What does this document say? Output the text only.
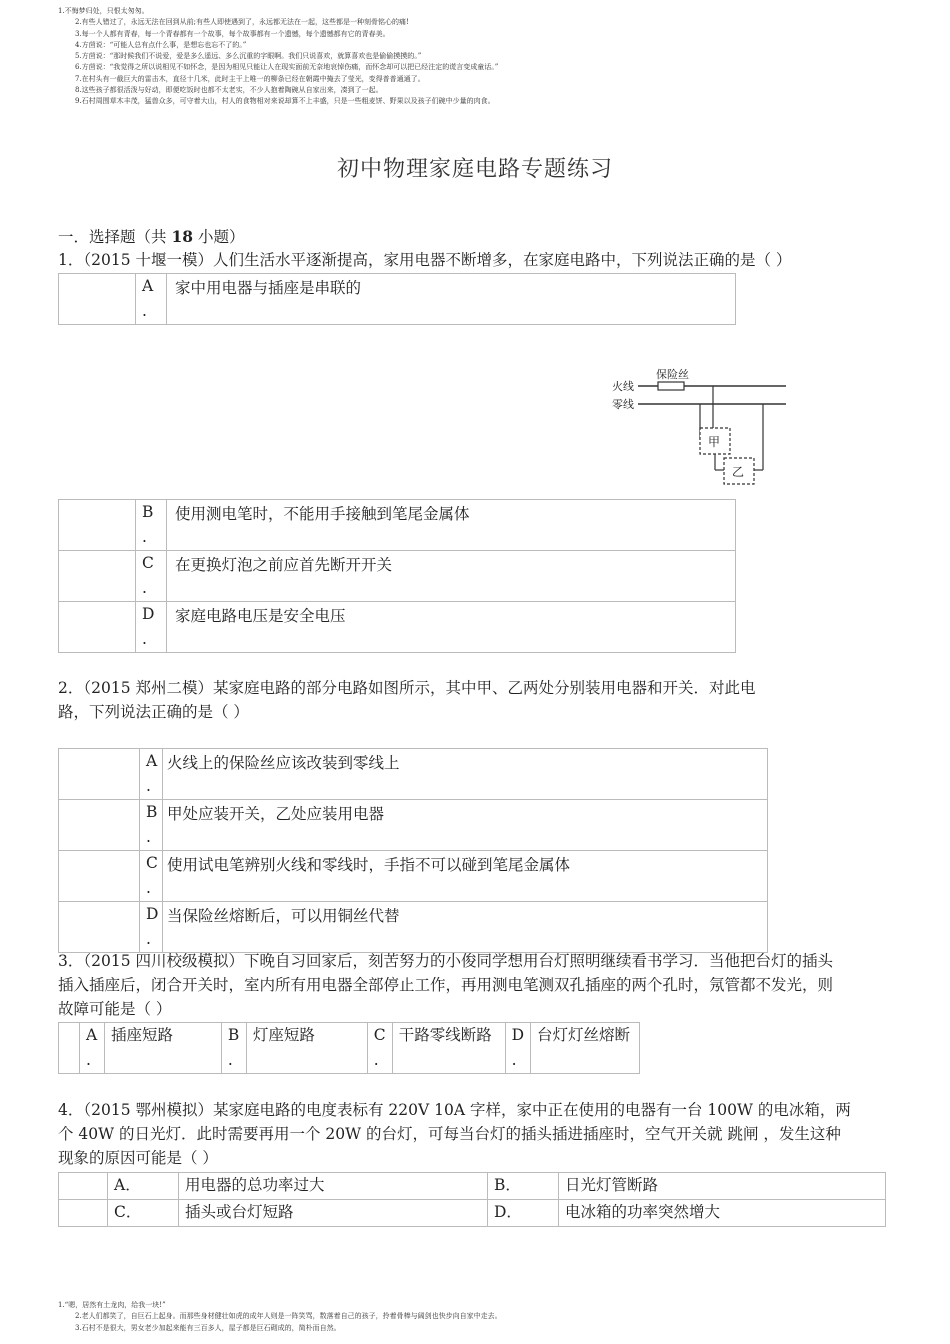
1.不悔梦归处，只恨太匆匆。
2.有些人错过了，永远无法在回到从前;有些人即使遇到了，永远都无法在一起，这些都是一种刻骨铭心的痛!
3.每一个人都有青春，每一个青春都有一个故事，每个故事都有一个遗憾，每个遗憾都有它的青春美。
4.方茴说：“可能人总有点什么事，是想忘也忘不了的。”
5.方茴说：“那时候我们不说爱，爱是多么遥远、多么沉重的字眼啊。我们只说喜欢，就算喜欢也是偷偷摸摸的。”
6.方茴说：“我觉得之所以说相见不如怀念，是因为相见只能让人在现实面前无奈地哀悼伤痛，而怀念却可以把已经注定的谎言变成童话。”
7.在村头有一截巨大的雷击木，直径十几米，此时主干上唯一的柳条已经在朝霞中掩去了莹光，变得普普通通了。
8.这些孩子都很活泼与好动，即便吃饭时也都不太老实，不少人抱着陶碗从自家出来，凑到了一起。
9.石村周围草木丰茂，猛兽众多，可守着大山，村人的食物相对来说却算不上丰盛，只是一些粗麦饼、野果以及孩子们碗中少量的肉食。
初中物理家庭电路专题练习
一．选择题（共 18 小题）
1．（2015 十堰一模）人们生活水平逐渐提高，家用电器不断增多，在家庭电路中，下列说法正确的是（ ）

A
.
	家中用电器与插座是串联的
火线
零线
保险丝
甲
乙

	B
.	使用测电笔时，不能用手接触到笔尾金属体

	C
.	在更换灯泡之前应首先断开开关

	D
.	家庭电路电压是安全电压
2．（2015 郑州二模）某家庭电路的部分电路如图所示，其中甲、乙两处分别装用电器和开关．对此电
路，下列说法正确的是（ ）

	A
.	火线上的保险丝应该改装到零线上

	B
.	甲处应装开关，乙处应装用电器

	C
.	使用试电笔辨别火线和零线时，手指不可以碰到笔尾金属体

	D
.	当保险丝熔断后，可以用铜丝代替
3．（2015 四川校级模拟）下晚自习回家后，刻苦努力的小俊同学想用台灯照明继续看书学习．当他把台灯的插头
插入插座后，闭合开关时，室内所有用电器全部停止工作，再用测电笔测双孔插座的两个孔时，氖管都不发光，则
故障可能是（ ）
	A
.	插座短路	B
.	灯座短路	C
.	干路零线断路	D
.	台灯灯丝熔断
4．（2015 鄂州模拟）某家庭电路的电度表标有 220V 10A 字样，家中正在使用的电器有一台 100W 的电冰箱，两
个 40W 的日光灯．此时需要再用一个 20W 的台灯，可每当台灯的插头插进插座时，空气开关就 跳闸 ，发生这种
现象的原因可能是（ ）
	A．	用电器的总功率过大	B．	日光灯管断路
	C．	插头或台灯短路	D．	电冰箱的功率突然增大
1.“嗯，居然有土龙肉，给我一块!”
2.老人们都笑了，自巨石上起身。而那些身材健壮如虎的成年人则是一阵笑骂，数落着自己的孩子，拎着骨棒与阔剑也快步向自家中走去。
3.石村不是很大，男女老少加起来能有三百多人，屋子都是巨石砌成的，简朴而自然。
